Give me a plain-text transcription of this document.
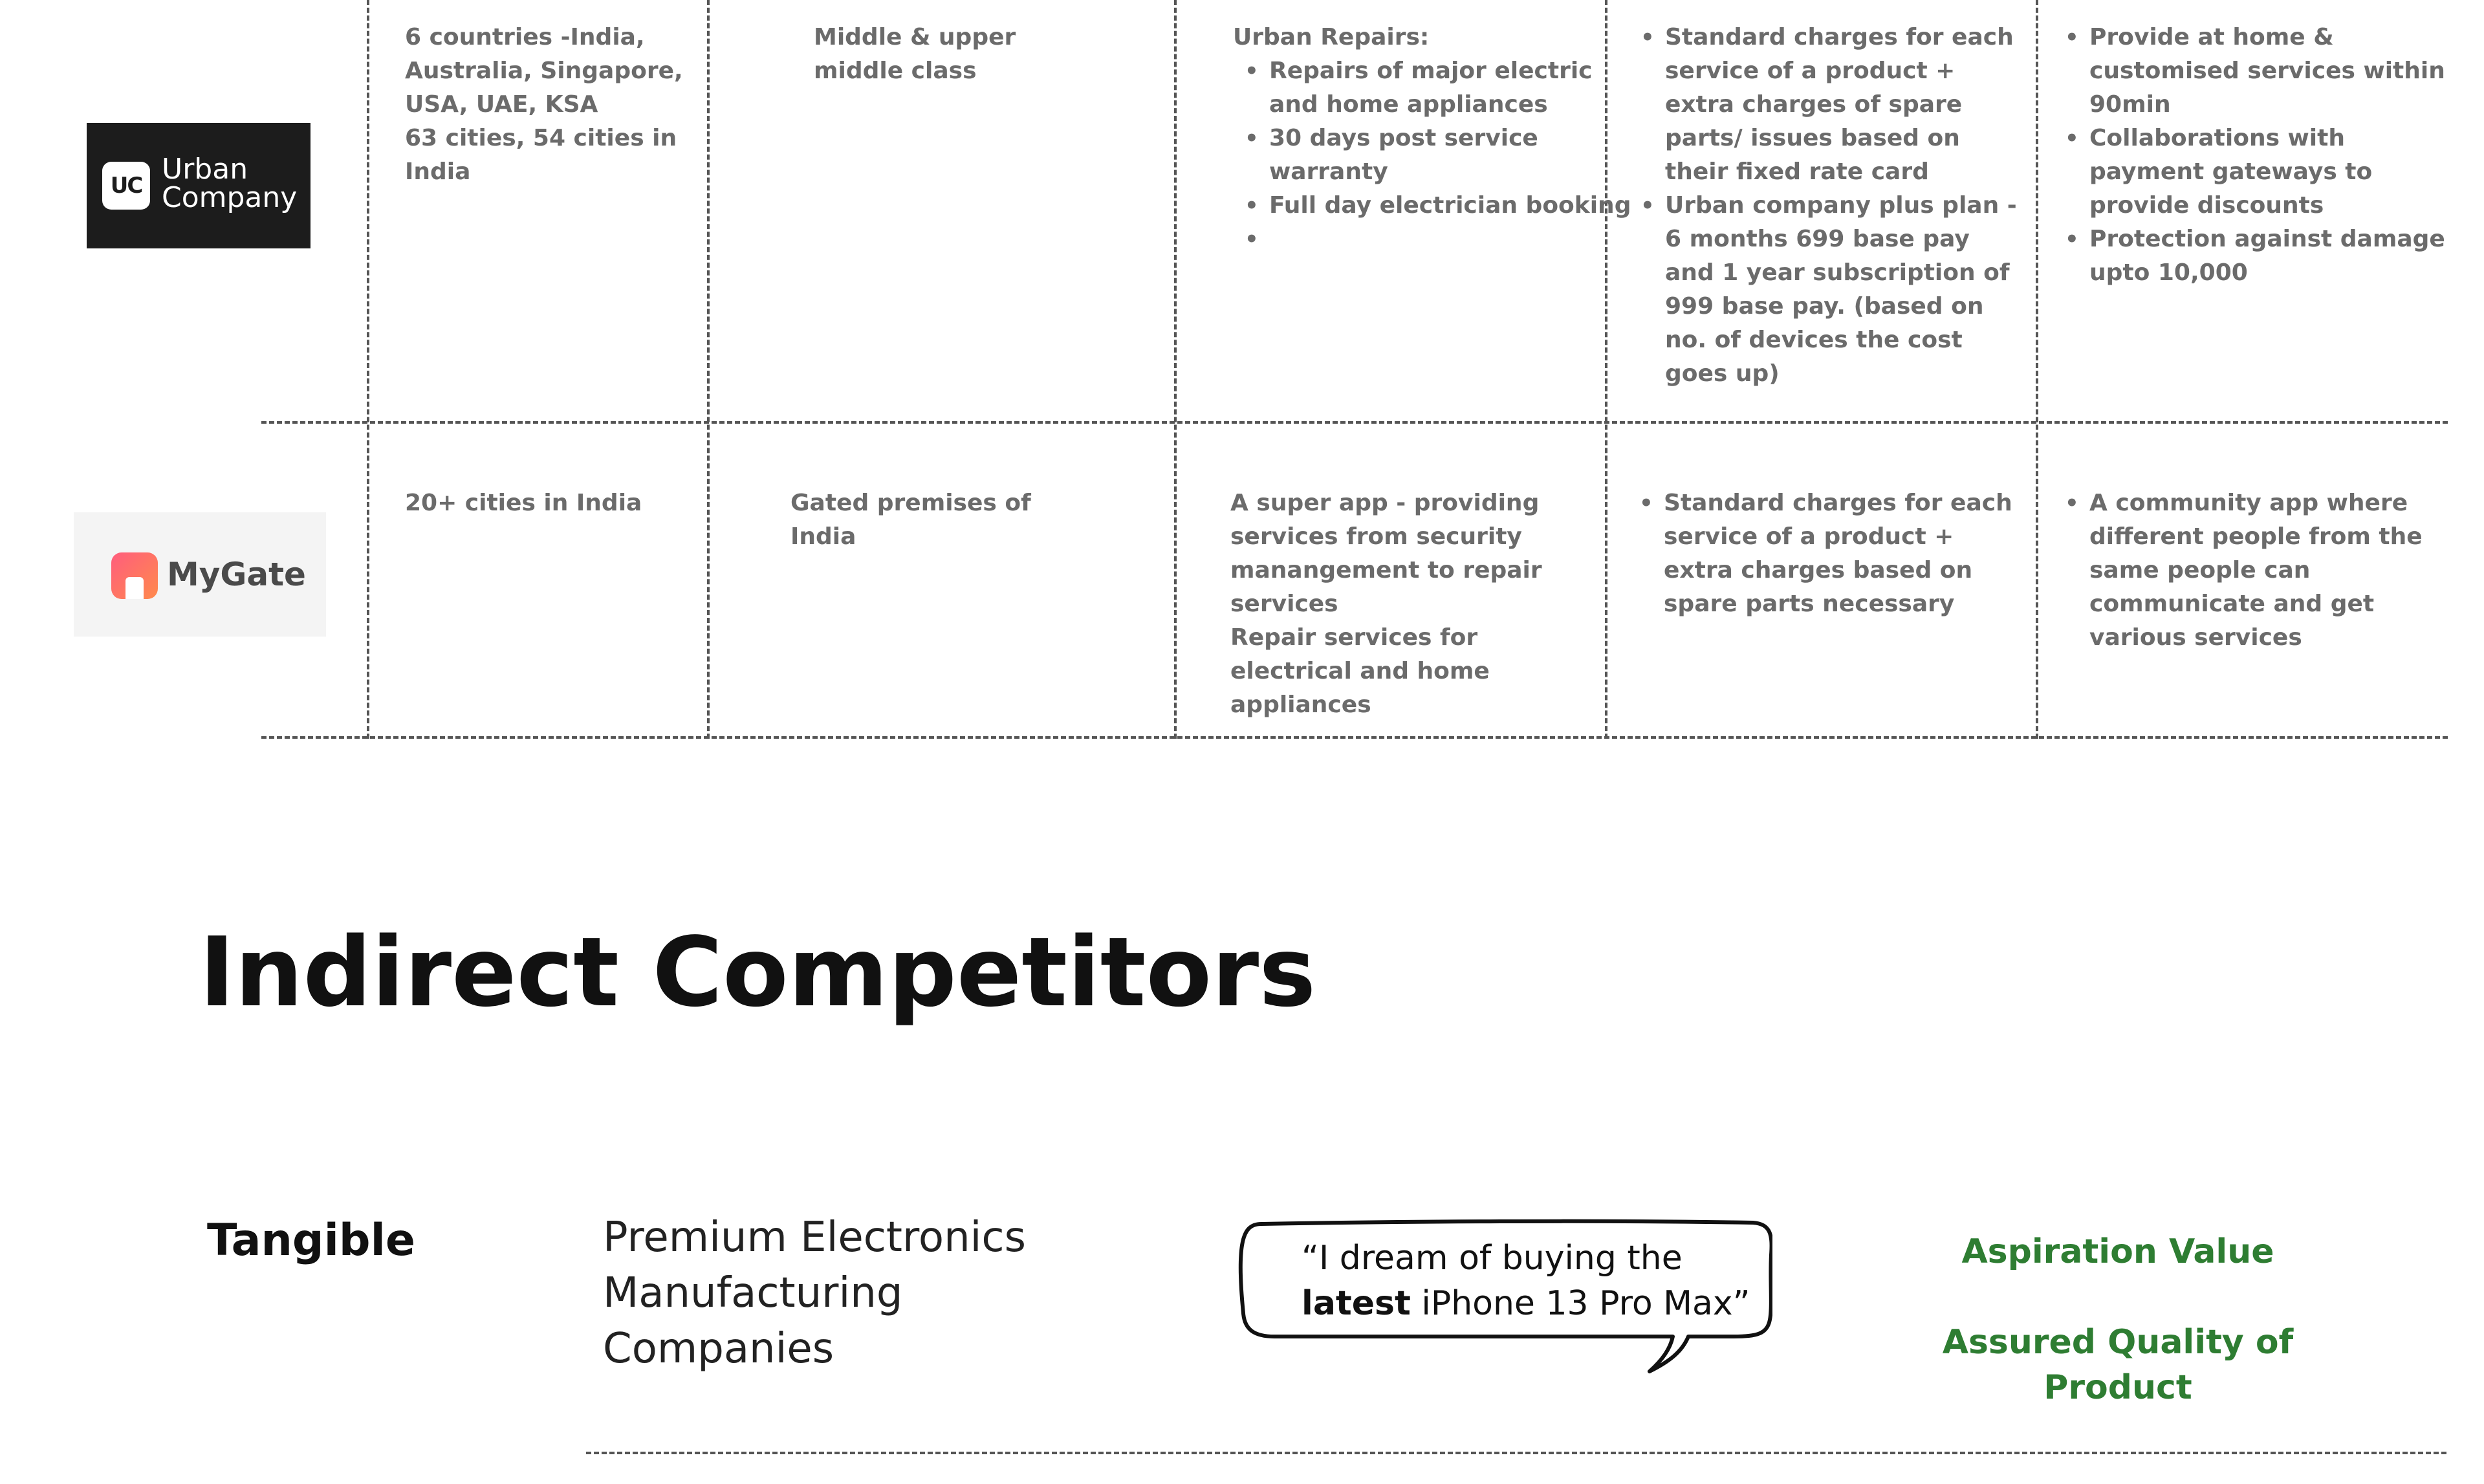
UC Urban
Company
6 countries -India, Australia, Singapore, USA, UAE, KSA
63 cities, 54 cities in India
Middle & upper middle class
Urban Repairs:
• Repairs of major electric and home appliances
• 30 days post service warranty
• Full day electrician booking
•
• Standard charges for each service of a product + extra charges of spare parts/ issues based on their fixed rate card
• Urban company plus plan - 6 months 699 base pay and 1 year subscription of 999 base pay. (based on no. of devices the cost goes up)
• Provide at home & customised services within 90min
• Collaborations with payment gateways to provide discounts
• Protection against damage upto 10,000
MyGate
20+ cities in India	Gated premises of India
A super app - providing services from security manangement to repair services
Repair services for electrical and home appliances
• Standard charges for each service of a product + extra charges based on spare parts necessary
• A community app where different people from the same people can communicate and get various services
Indirect Competitors
Tangible	Premium Electronics Manufacturing Companies
“I dream of buying the latest iPhone 13 Pro Max”
Aspiration Value
Assured Quality of Product
